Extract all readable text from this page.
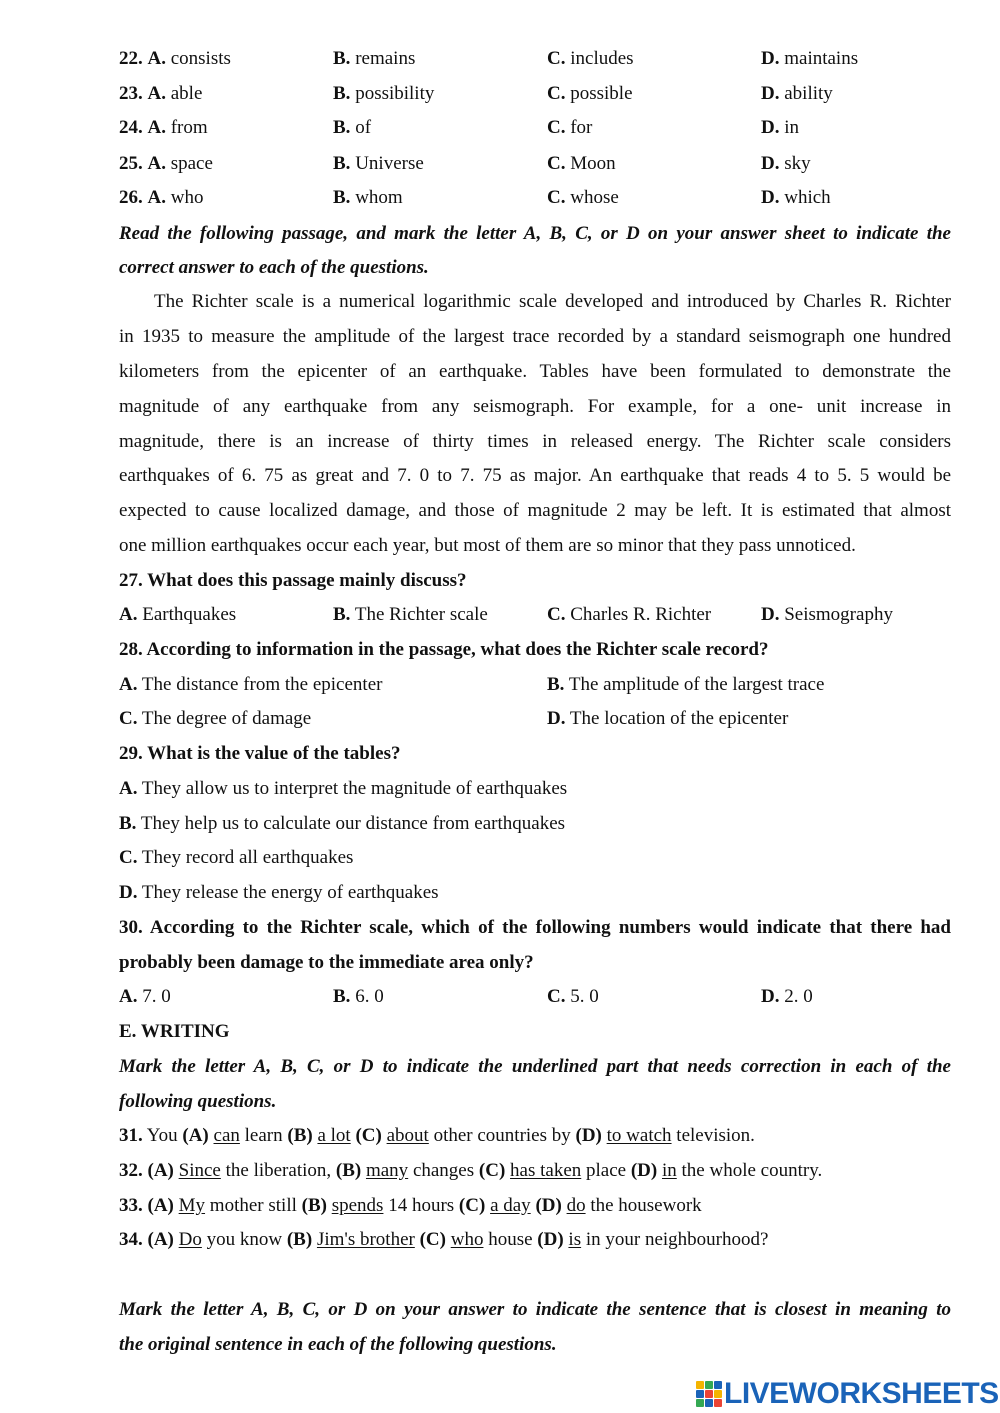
22. A. consists	B. remains	C. includes	D. maintains
23. A. able	B. possibility	C. possible	D. ability
24. A. from	B. of	C. for	D. in
25. A. space	B. Universe	C. Moon	D. sky
26. A. who	B. whom	C. whose	D. which
Read the following passage, and mark the letter A, B, C, or D on your answer sheet to indicate the
correct answer to each of the questions.
The Richter scale is a numerical logarithmic scale developed and introduced by Charles R. Richter
in 1935 to measure the amplitude of the largest trace recorded by a standard seismograph one hundred
kilometers from the epicenter of an earthquake. Tables have been formulated to demonstrate the
magnitude of any earthquake from any seismograph. For example, for a one- unit increase in
magnitude, there is an increase of thirty times in released energy. The Richter scale considers
earthquakes of 6. 75 as great and 7. 0 to 7. 75 as major. An earthquake that reads 4 to 5. 5 would be
expected to cause localized damage, and those of magnitude 2 may be left. It is estimated that almost
one million earthquakes occur each year, but most of them are so minor that they pass unnoticed.
27. What does this passage mainly discuss?
A. Earthquakes	B. The Richter scale	C. Charles R. Richter	D. Seismography
28. According to information in the passage, what does the Richter scale record?
A. The distance from the epicenter	B. The amplitude of the largest trace
C. The degree of damage	D. The location of the epicenter
29. What is the value of the tables?
A. They allow us to interpret the magnitude of earthquakes
B. They help us to calculate our distance from earthquakes
C. They record all earthquakes
D. They release the energy of earthquakes
30. According to the Richter scale, which of the following numbers would indicate that there had
probably been damage to the immediate area only?
A. 7. 0	B. 6. 0	C. 5. 0	D. 2. 0
E. WRITING
Mark the letter A, B, C, or D to indicate the underlined part that needs correction in each of the
following questions.
31. You (A) can learn (B) a lot (C) about other countries by (D) to watch television.
32. (A) Since the liberation, (B) many changes (C) has taken place (D) in the whole country.
33. (A) My mother still (B) spends 14 hours (C) a day (D) do the housework
34. (A) Do you know (B) Jim's brother (C) who house (D) is in your neighbourhood?
Mark the letter A, B, C, or D on your answer to indicate the sentence that is closest in meaning to
the original sentence in each of the following questions.
LIVEWORKSHEETS
